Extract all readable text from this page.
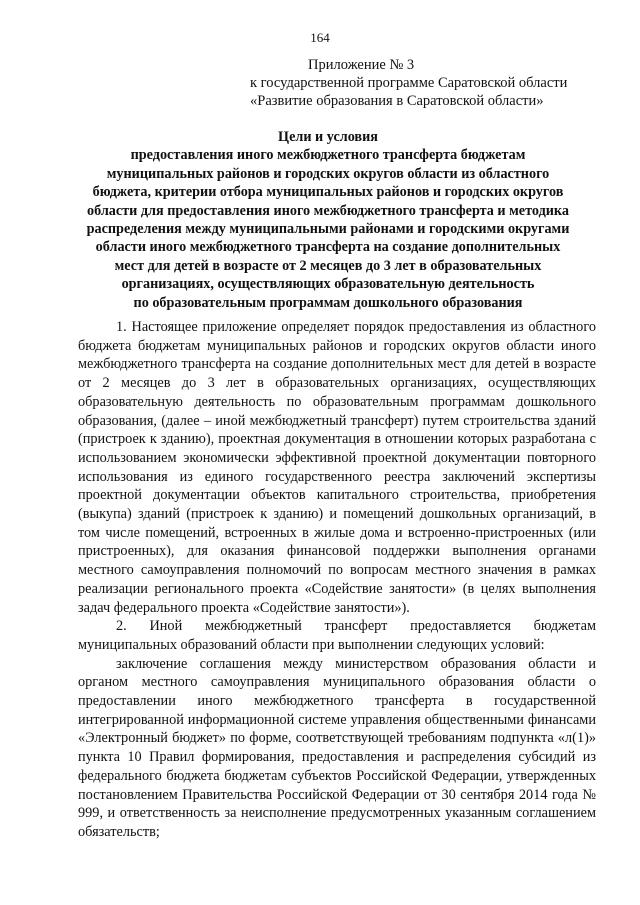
164
Приложение № 3
к государственной программе Саратовской области
«Развитие образования в Саратовской области»
Цели и условия
предоставления иного межбюджетного трансферта бюджетам
муниципальных районов и городских округов области из областного
бюджета, критерии отбора муниципальных районов и городских округов
области для предоставления иного межбюджетного трансферта и методика
распределения между муниципальными районами и городскими округами
области иного межбюджетного трансферта на создание дополнительных
мест для детей в возрасте от 2 месяцев до 3 лет в образовательных
организациях, осуществляющих образовательную деятельность
по образовательным программам дошкольного образования

1. Настоящее приложение определяет порядок предоставления из областного бюджета бюджетам муниципальных районов и городских округов области иного межбюджетного трансферта на создание дополнительных мест для детей в возрасте от 2 месяцев до 3 лет в образовательных организациях, осуществляющих образовательную деятельность по образовательным программам дошкольного образования, (далее – иной межбюджетный трансферт) путем строительства зданий (пристроек к зданию), проектная документация в отношении которых разработана с использованием экономически эффективной проектной документации повторного использования из единого государственного реестра заключений экспертизы проектной документации объектов капитального строительства, приобретения (выкупа) зданий (пристроек к зданию) и помещений дошкольных организаций, в том числе помещений, встроенных в жилые дома и встроенно-пристроенных (или пристроенных), для оказания финансовой поддержки выполнения органами местного самоуправления полномочий по вопросам местного значения в рамках реализации регионального проекта «Содействие занятости» (в целях выполнения задач федерального проекта «Содействие занятости»).

2. Иной межбюджетный трансферт предоставляется бюджетам муниципальных образований области при выполнении следующих условий:

заключение соглашения между министерством образования области и органом местного самоуправления муниципального образования области о предоставлении иного межбюджетного трансферта в государственной интегрированной информационной системе управления общественными финансами «Электронный бюджет» по форме, соответствующей требованиям подпункта «л(1)» пункта 10 Правил формирования, предоставления и распределения субсидий из федерального бюджета бюджетам субъектов Российской Федерации, утвержденных постановлением Правительства Российской Федерации от 30 сентября 2014 года № 999, и ответственность за неисполнение предусмотренных указанным соглашением обязательств;
